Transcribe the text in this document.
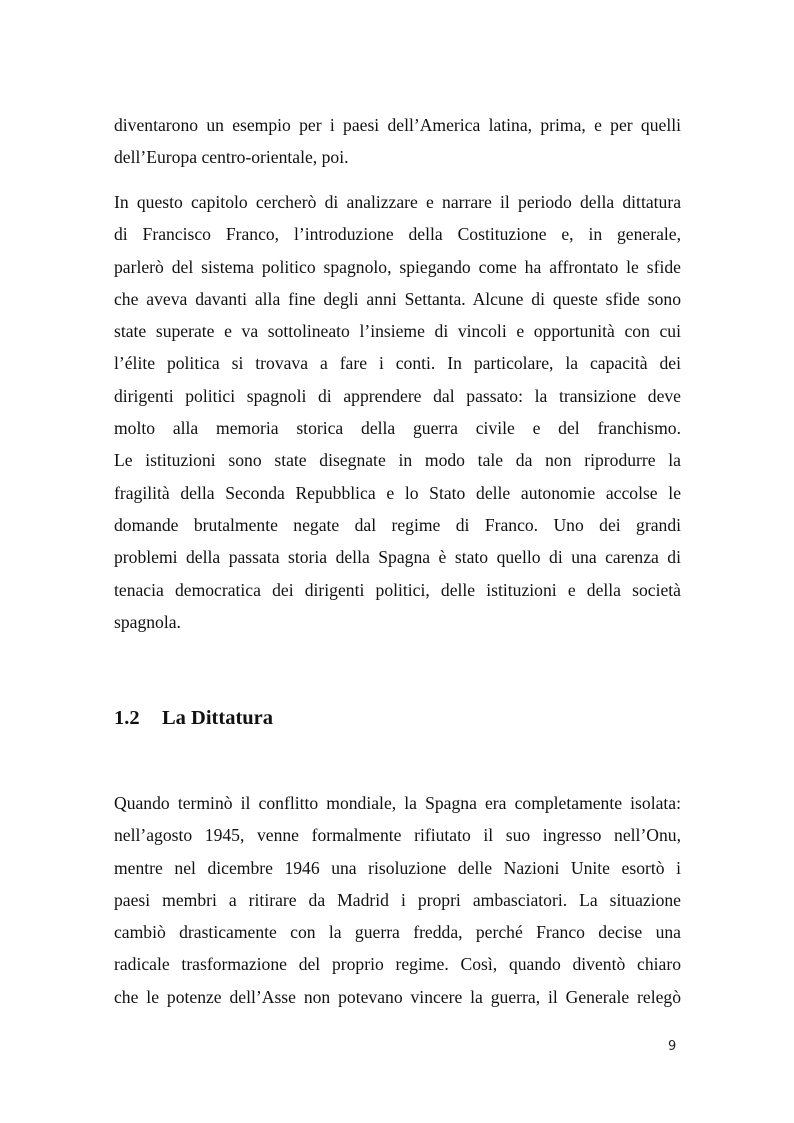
diventarono un esempio per i paesi dell’America latina, prima, e per quelli
dell’Europa centro-orientale, poi.
In questo capitolo cercherò di analizzare e narrare il periodo della dittatura
di Francisco Franco, l’introduzione della Costituzione e, in generale,
parlerò del sistema politico spagnolo, spiegando come ha affrontato le sfide
che aveva davanti alla fine degli anni Settanta. Alcune di queste sfide sono
state superate e va sottolineato l’insieme di vincoli e opportunità con cui
l’élite politica si trovava a fare i conti. In particolare, la capacità dei
dirigenti politici spagnoli di apprendere dal passato: la transizione deve
molto alla memoria storica della guerra civile e del franchismo.
Le istituzioni sono state disegnate in modo tale da non riprodurre la
fragilità della Seconda Repubblica e lo Stato delle autonomie accolse le
domande brutalmente negate dal regime di Franco. Uno dei grandi
problemi della passata storia della Spagna è stato quello di una carenza di
tenacia democratica dei dirigenti politici, delle istituzioni e della società
spagnola.
1.2 La Dittatura
Quando terminò il conflitto mondiale, la Spagna era completamente isolata:
nell’agosto 1945, venne formalmente rifiutato il suo ingresso nell’Onu,
mentre nel dicembre 1946 una risoluzione delle Nazioni Unite esortò i
paesi membri a ritirare da Madrid i propri ambasciatori. La situazione
cambiò drasticamente con la guerra fredda, perché Franco decise una
radicale trasformazione del proprio regime. Così, quando diventò chiaro
che le potenze dell’Asse non potevano vincere la guerra, il Generale relegò
9
